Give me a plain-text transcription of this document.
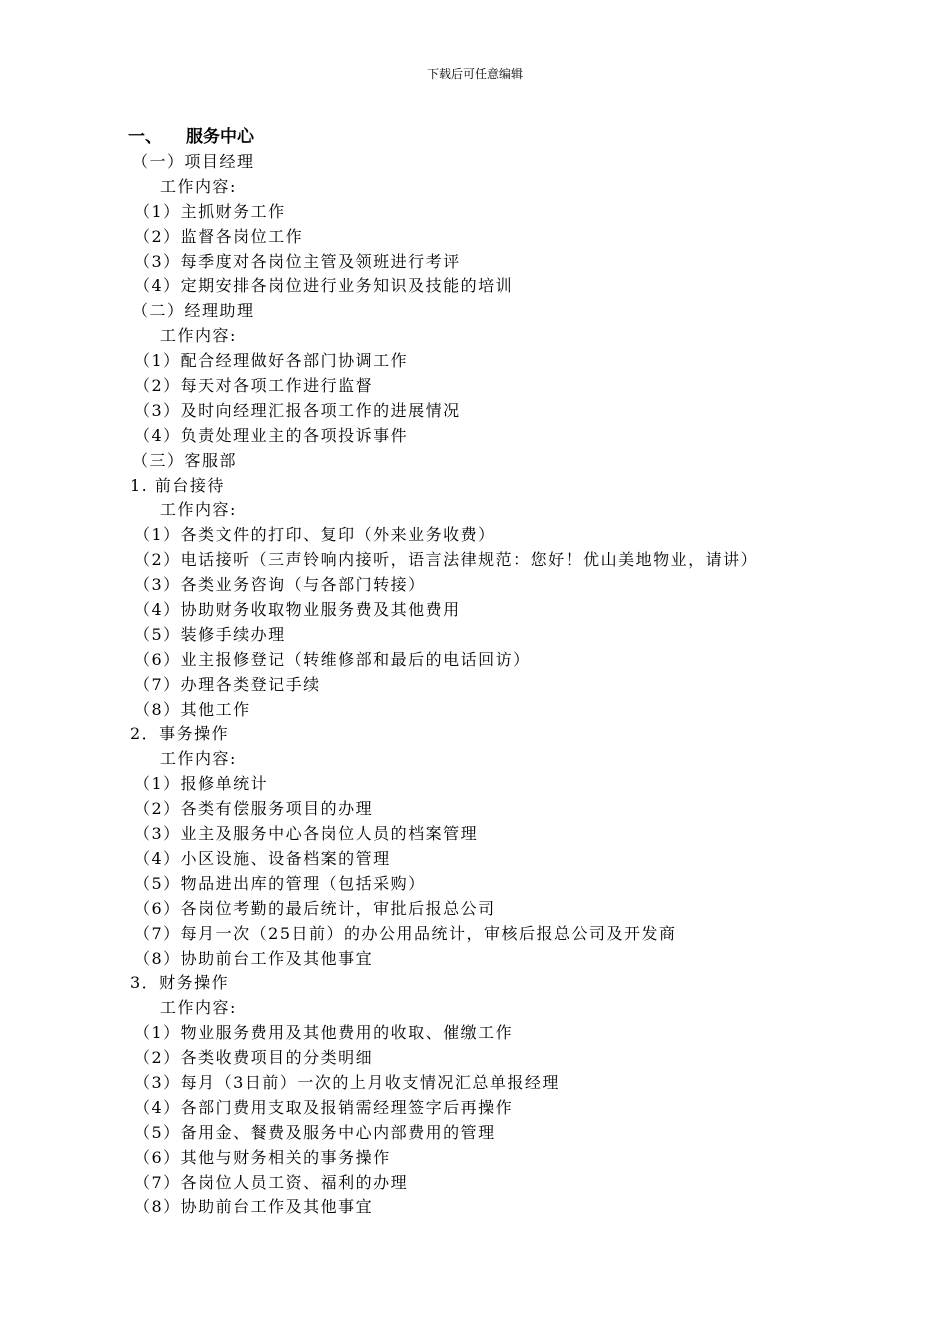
下载后可任意编辑
一、 服务中心
（一）项目经理
工作内容:
（1）主抓财务工作
（2）监督各岗位工作
（3）每季度对各岗位主管及领班进行考评
（4）定期安排各岗位进行业务知识及技能的培训
（二）经理助理
工作内容:
（1）配合经理做好各部门协调工作
（2）每天对各项工作进行监督
（3）及时向经理汇报各项工作的进展情况
（4）负责处理业主的各项投诉事件
（三）客服部
1. 前台接待
工作内容:
（1）各类文件的打印、复印（外来业务收费）
（2）电话接听（三声铃响内接听，语言法律规范：您好！优山美地物业，请讲）
（3）各类业务咨询（与各部门转接）
（4）协助财务收取物业服务费及其他费用
（5）装修手续办理
（6）业主报修登记（转维修部和最后的电话回访）
（7）办理各类登记手续
（8）其他工作
2．事务操作
工作内容:
（1）报修单统计
（2）各类有偿服务项目的办理
（3）业主及服务中心各岗位人员的档案管理
（4）小区设施、设备档案的管理
（5）物品进出库的管理（包括采购）
（6）各岗位考勤的最后统计，审批后报总公司
（7）每月一次（25日前）的办公用品统计，审核后报总公司及开发商
（8）协助前台工作及其他事宜
3．财务操作
工作内容:
（1）物业服务费用及其他费用的收取、催缴工作
（2）各类收费项目的分类明细
（3）每月（3日前）一次的上月收支情况汇总单报经理
（4）各部门费用支取及报销需经理签字后再操作
（5）备用金、餐费及服务中心内部费用的管理
（6）其他与财务相关的事务操作
（7）各岗位人员工资、福利的办理
（8）协助前台工作及其他事宜
